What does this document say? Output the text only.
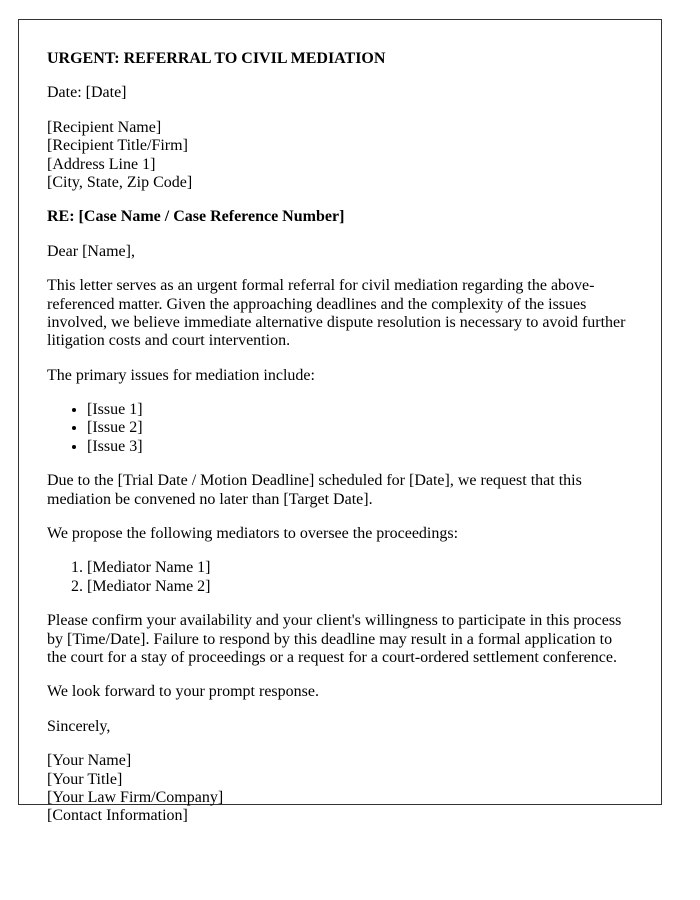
URGENT: REFERRAL TO CIVIL MEDIATION

Date: [Date]

[Recipient Name]
[Recipient Title/Firm]
[Address Line 1]
[City, State, Zip Code]

RE: [Case Name / Case Reference Number]

Dear [Name],

This letter serves as an urgent formal referral for civil mediation regarding the above-referenced matter. Given the approaching deadlines and the complexity of the issues involved, we believe immediate alternative dispute resolution is necessary to avoid further litigation costs and court intervention.

The primary issues for mediation include:

• [Issue 1]
• [Issue 2]
• [Issue 3]

Due to the [Trial Date / Motion Deadline] scheduled for [Date], we request that this mediation be convened no later than [Target Date].

We propose the following mediators to oversee the proceedings:

1. [Mediator Name 1]
2. [Mediator Name 2]

Please confirm your availability and your client's willingness to participate in this process by [Time/Date]. Failure to respond by this deadline may result in a formal application to the court for a stay of proceedings or a request for a court-ordered settlement conference.

We look forward to your prompt response.

Sincerely,

[Your Name]
[Your Title]
[Your Law Firm/Company]
[Contact Information]
